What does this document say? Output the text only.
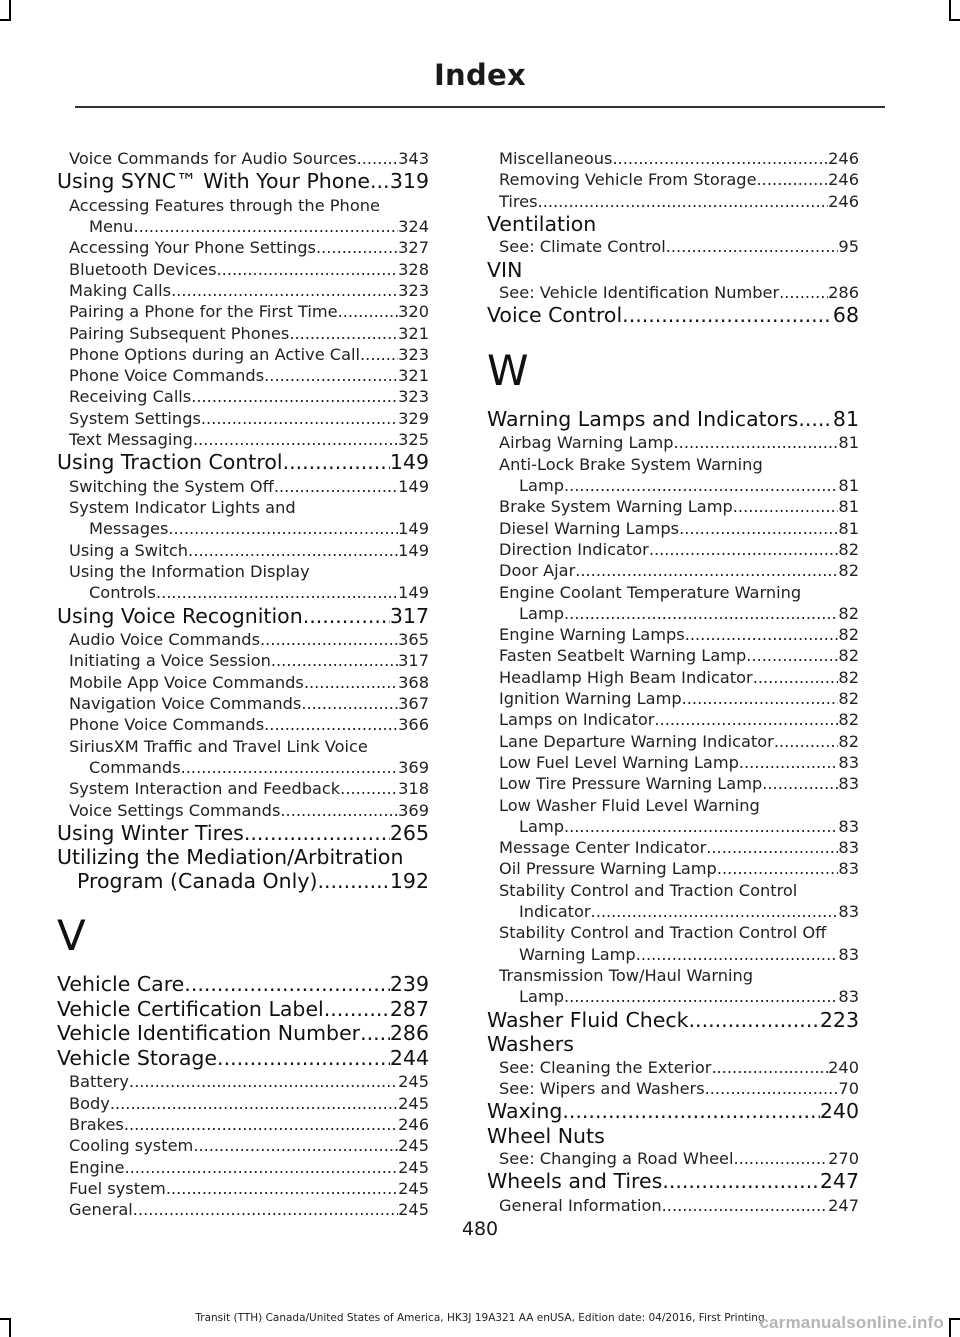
Index
Voice Commands for Audio Sources .....	343
Using SYNC™ With Your Phone ..... 319
Accessing Features through the Phone
Menu .....	324
Accessing Your Phone Settings .....	327
Bluetooth Devices .....	328
Making Calls .....	323
Pairing a Phone for the First Time .....	320
Pairing Subsequent Phones .....	321
Phone Options during an Active Call ..... 323
Phone Voice Commands .....	321
Receiving Calls .....	323
System Settings .....	329
Text Messaging .....	325
Using Traction Control .....	149
Switching the System Off .....	149
System Indicator Lights and
Messages .....	149
Using a Switch .....	149
Using the Information Display
Controls .....	149
Using Voice Recognition .....	317
Audio Voice Commands .....	365
Initiating a Voice Session .....	317
Mobile App Voice Commands .....	368
Navigation Voice Commands .....	367
Phone Voice Commands .....	366
SiriusXM Traffic and Travel Link Voice
Commands .....	369
System Interaction and Feedback .....	318
Voice Settings Commands .....	369
Using Winter Tires .....	265
Utilizing the Mediation/Arbitration
Program (Canada Only) .....	192
V
Vehicle Care .....	239
Vehicle Certification Label .....	287
Vehicle Identification Number ..... 286
Vehicle Storage .....	244
Battery .....	245
Body .....	245
Brakes .....	246
Cooling system .....	245
Engine .....	245
Fuel system .....	245
General .....	245
Miscellaneous .....	246
Removing Vehicle From Storage .....	246
Tires .....	246
Ventilation
See: Climate Control .....	95
VIN
See: Vehicle Identification Number .....	286
Voice Control .....	68
W
Warning Lamps and Indicators ..... 81
Airbag Warning Lamp .....	81
Anti-Lock Brake System Warning
Lamp .....	81
Brake System Warning Lamp .....	81
Diesel Warning Lamps .....	81
Direction Indicator .....	82
Door Ajar .....	82
Engine Coolant Temperature Warning
Lamp .....	82
Engine Warning Lamps .....	82
Fasten Seatbelt Warning Lamp .....	82
Headlamp High Beam Indicator .....	82
Ignition Warning Lamp .....	82
Lamps on Indicator .....	82
Lane Departure Warning Indicator .....	82
Low Fuel Level Warning Lamp .....	83
Low Tire Pressure Warning Lamp .....	83
Low Washer Fluid Level Warning
Lamp .....	83
Message Center Indicator .....	83
Oil Pressure Warning Lamp .....	83
Stability Control and Traction Control
Indicator .....	83
Stability Control and Traction Control Off
Warning Lamp .....	83
Transmission Tow/Haul Warning
Lamp .....	83
Washer Fluid Check .....	223
Washers
See: Cleaning the Exterior .....	240
See: Wipers and Washers .....	70
Waxing .....	240
Wheel Nuts
See: Changing a Road Wheel .....	270
Wheels and Tires .....	247
General Information .....	247
480
Transit (TTH) Canada/United States of America, HK3J 19A321 AA enUSA, Edition date: 04/2016, First Printing
carmanualsonline.info
